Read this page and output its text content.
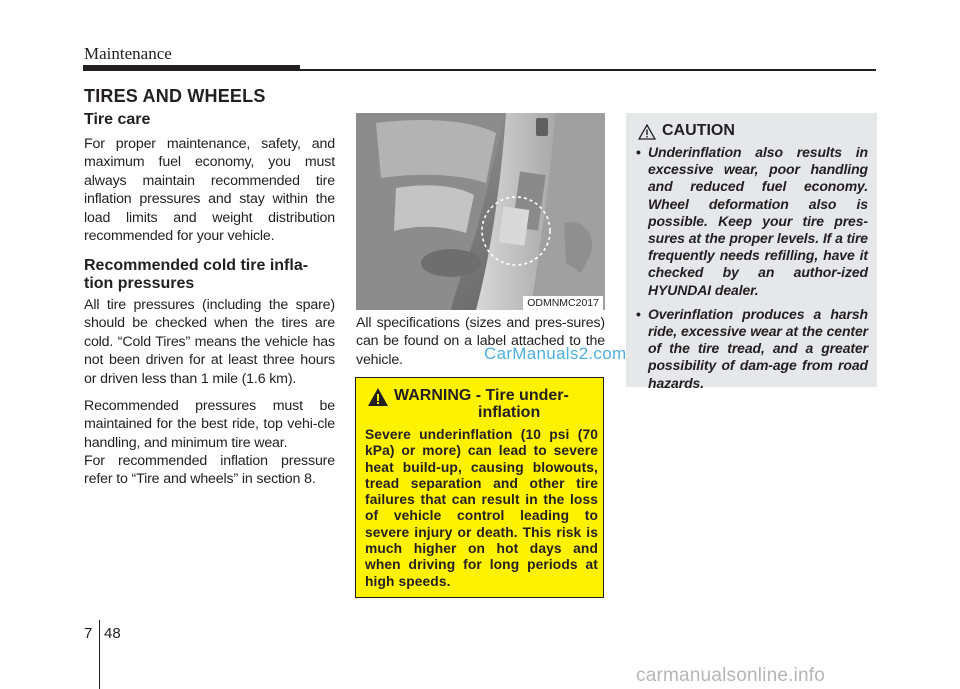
Maintenance
TIRES AND WHEELS
Tire care

For proper maintenance, safety, and maximum fuel economy, you must always maintain recommended tire inflation pressures and stay within the load limits and weight distribution recommended for your vehicle.

Recommended cold tire infla-
tion pressures

All tire pressures (including the spare) should be checked when the tires are cold. “Cold Tires” means the vehicle has not been driven for at least three hours or driven less than 1 mile (1.6 km).

Recommended pressures must be maintained for the best ride, top vehi-cle handling, and minimum tire wear.

For recommended inflation pressure refer to “Tire and wheels” in section 8.

ODMNMC2017

All specifications (sizes and pres-sures) can be found on a label attached to the vehicle.	CarManuals2.com
WARNING - Tire under-
inflation
Severe underinflation (10 psi (70 kPa) or more) can lead to severe heat build-up, causing blowouts, tread separation and other tire failures that can result in the loss of vehicle control leading to severe injury or death. This risk is much higher on hot days and when driving for long periods at high speeds.
CAUTION
• Underinflation also results in excessive wear, poor handling and reduced fuel economy. Wheel deformation also is possible. Keep your tire pres-sures at the proper levels. If a tire frequently needs refilling, have it checked by an author-ized HYUNDAI dealer.
• Overinflation produces a harsh ride, excessive wear at the center of the tire tread, and a greater possibility of dam-age from road hazards.
7 48
carmanualsonline.info
